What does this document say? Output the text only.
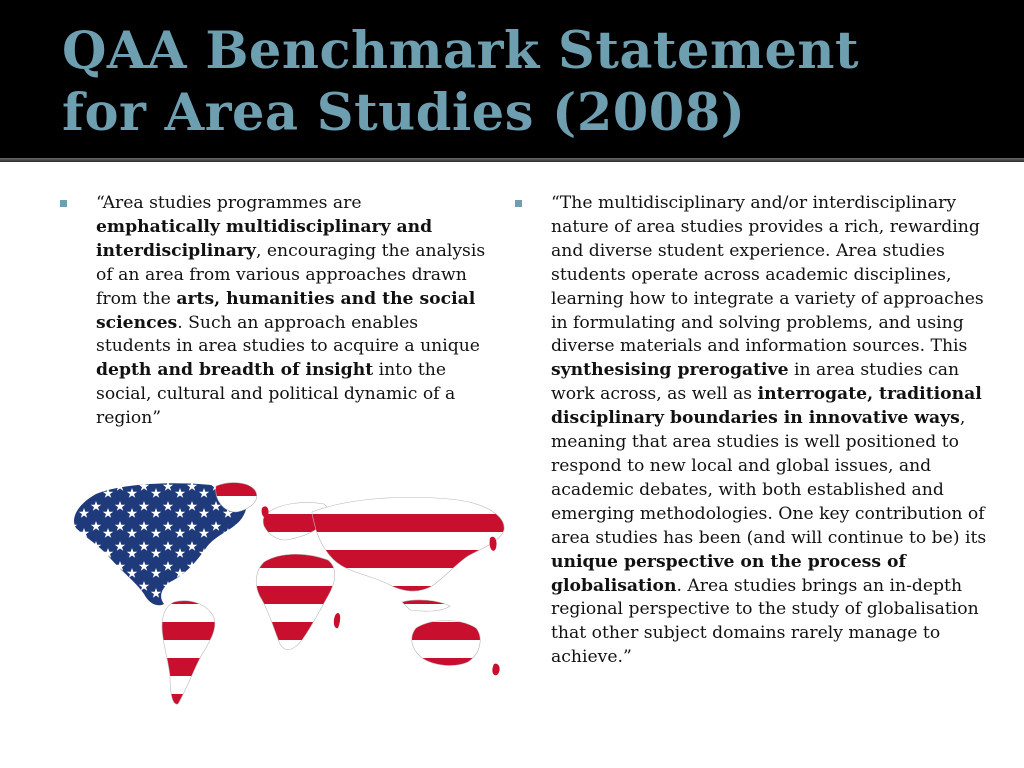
QAA Benchmark Statement
for Area Studies (2008)

“Area studies programmes are emphatically multidisciplinary and interdisciplinary, encouraging the analysis of an area from various approaches drawn from the arts, humanities and the social sciences. Such an approach enables students in area studies to acquire a unique depth and breadth of insight into the social, cultural and political dynamic of a region”

“The multidisciplinary and/or interdisciplinary nature of area studies provides a rich, rewarding and diverse student experience. Area studies students operate across academic disciplines, learning how to integrate a variety of approaches in formulating and solving problems, and using diverse materials and information sources. This synthesising prerogative in area studies can work across, as well as interrogate, traditional disciplinary boundaries in innovative ways, meaning that area studies is well positioned to respond to new local and global issues, and academic debates, with both established and emerging methodologies. One key contribution of area studies has been (and will continue to be) its unique perspective on the process of globalisation. Area studies brings an in-depth regional perspective to the study of globalisation that other subject domains rarely manage to achieve.”
